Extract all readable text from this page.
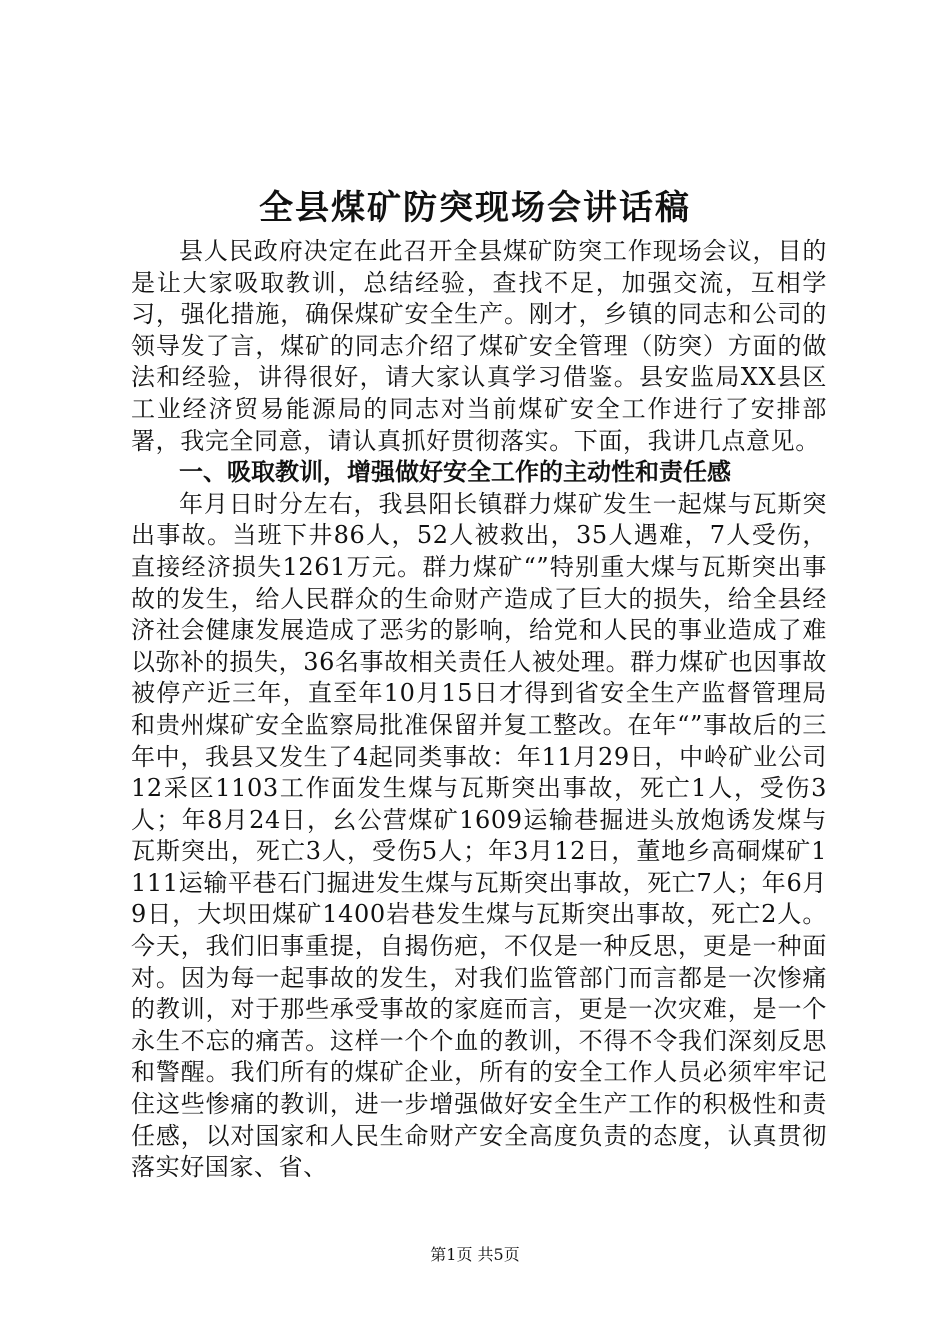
全县煤矿防突现场会讲话稿

县人民政府决定在此召开全县煤矿防突工作现场会议，目的是让大家吸取教训，总结经验，查找不足，加强交流，互相学习，强化措施，确保煤矿安全生产。刚才，乡镇的同志和公司的领导发了言，煤矿的同志介绍了煤矿安全管理（防突）方面的做法和经验，讲得很好，请大家认真学习借鉴。县安监局XX县区工业经济贸易能源局的同志对当前煤矿安全工作进行了安排部署，我完全同意，请认真抓好贯彻落实。下面，我讲几点意见。

一、吸取教训，增强做好安全工作的主动性和责任感

年月日时分左右，我县阳长镇群力煤矿发生一起煤与瓦斯突出事故。当班下井86人，52人被救出，35人遇难，7人受伤，直接经济损失1261万元。群力煤矿“”特别重大煤与瓦斯突出事故的发生，给人民群众的生命财产造成了巨大的损失，给全县经济社会健康发展造成了恶劣的影响，给党和人民的事业造成了难以弥补的损失，36名事故相关责任人被处理。群力煤矿也因事故被停产近三年，直至年10月15日才得到省安全生产监督管理局和贵州煤矿安全监察局批准保留并复工整改。在年“”事故后的三年中，我县又发生了4起同类事故：年11月29日，中岭矿业公司12采区1103工作面发生煤与瓦斯突出事故，死亡1人，受伤3人；年8月24日，幺公营煤矿1609运输巷掘进头放炮诱发煤与瓦斯突出，死亡3人，受伤5人；年3月12日，董地乡高硐煤矿1111运输平巷石门掘进发生煤与瓦斯突出事故，死亡7人；年6月9日，大坝田煤矿1400岩巷发生煤与瓦斯突出事故，死亡2人。今天，我们旧事重提，自揭伤疤，不仅是一种反思，更是一种面对。因为每一起事故的发生，对我们监管部门而言都是一次惨痛的教训，对于那些承受事故的家庭而言，更是一次灾难，是一个永生不忘的痛苦。这样一个个血的教训，不得不令我们深刻反思和警醒。我们所有的煤矿企业，所有的安全工作人员必须牢牢记住这些惨痛的教训，进一步增强做好安全生产工作的积极性和责任感，以对国家和人民生命财产安全高度负责的态度，认真贯彻落实好国家、省、

第1页 共5页
